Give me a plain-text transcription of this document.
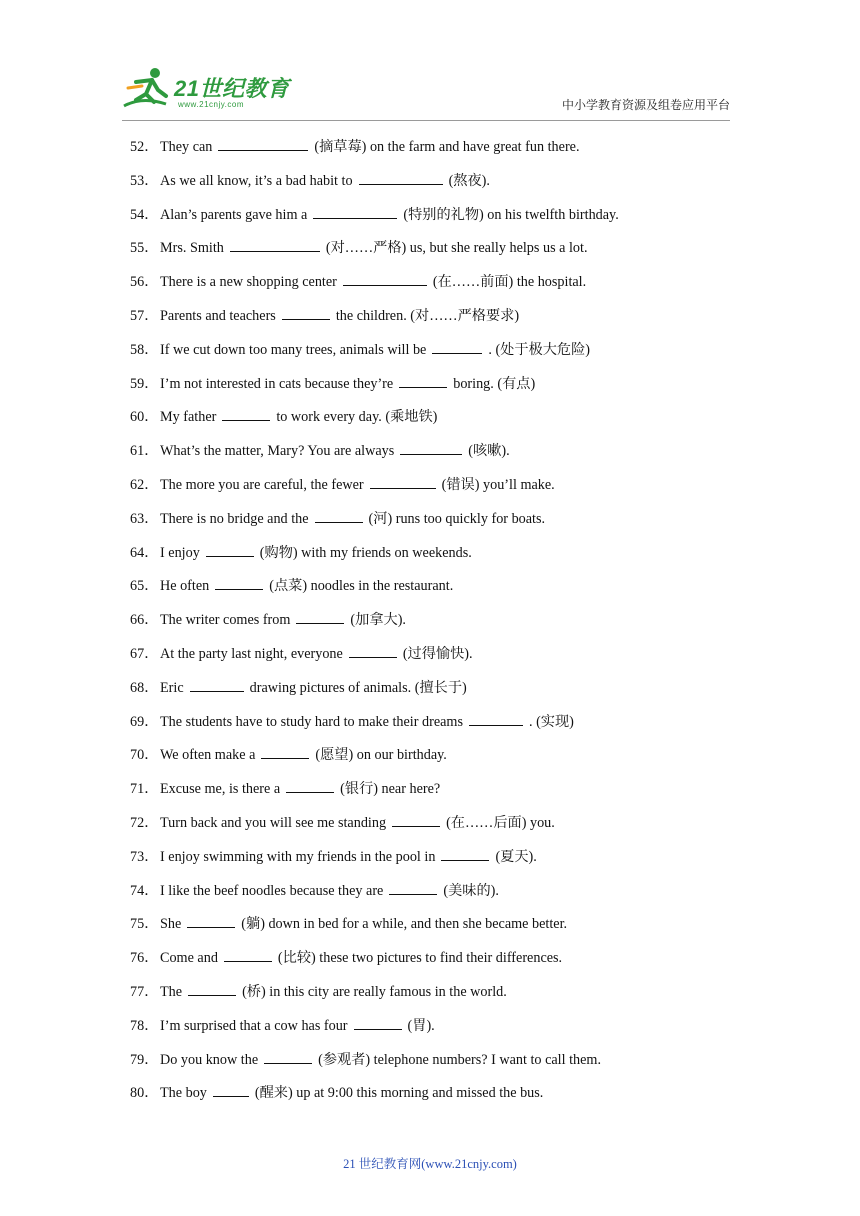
21世纪教育
www.21cnjy.com	中小学教育资源及组卷应用平台
52． They can	(摘草莓) on the farm and have great fun there.
53． As we all know, it’s a bad habit to	(熬夜).
54． Alan’s parents gave him a	(特别的礼物) on his twelfth birthday.
55． Mrs. Smith	(对……严格) us, but she really helps us a lot.
56． There is a new shopping center	(在……前面) the hospital.
57． Parents and teachers	the children. (对……严格要求)
58． If we cut down too many trees, animals will be	. (处于极大危险)
59． I’m not interested in cats because they’re	boring. (有点)
60． My father	to work every day. (乘地铁)
61． What’s the matter, Mary? You are always	(咳嗽).
62． The more you are careful, the fewer	(错误) you’ll make.
63． There is no bridge and the	(河) runs too quickly for boats.
64． I enjoy	(购物) with my friends on weekends.
65． He often	(点菜) noodles in the restaurant.
66． The writer comes from	(加拿大).
67． At the party last night, everyone	(过得愉快).
68． Eric	drawing pictures of animals. (擅长于)
69． The students have to study hard to make their dreams	. (实现)
70． We often make a	(愿望) on our birthday.
71． Excuse me, is there a	(银行) near here?
72． Turn back and you will see me standing	(在……后面) you.
73． I enjoy swimming with my friends in the pool in	(夏天).
74． I like the beef noodles because they are	(美味的).
75． She	(躺) down in bed for a while, and then she became better.
76． Come and	(比较) these two pictures to find their differences.
77． The	(桥) in this city are really famous in the world.
78． I’m surprised that a cow has four	(胃).
79． Do you know the	(参观者) telephone numbers? I want to call them.
80． The boy	(醒来) up at 9:00 this morning and missed the bus.
21 世纪教育网(www.21cnjy.com)
